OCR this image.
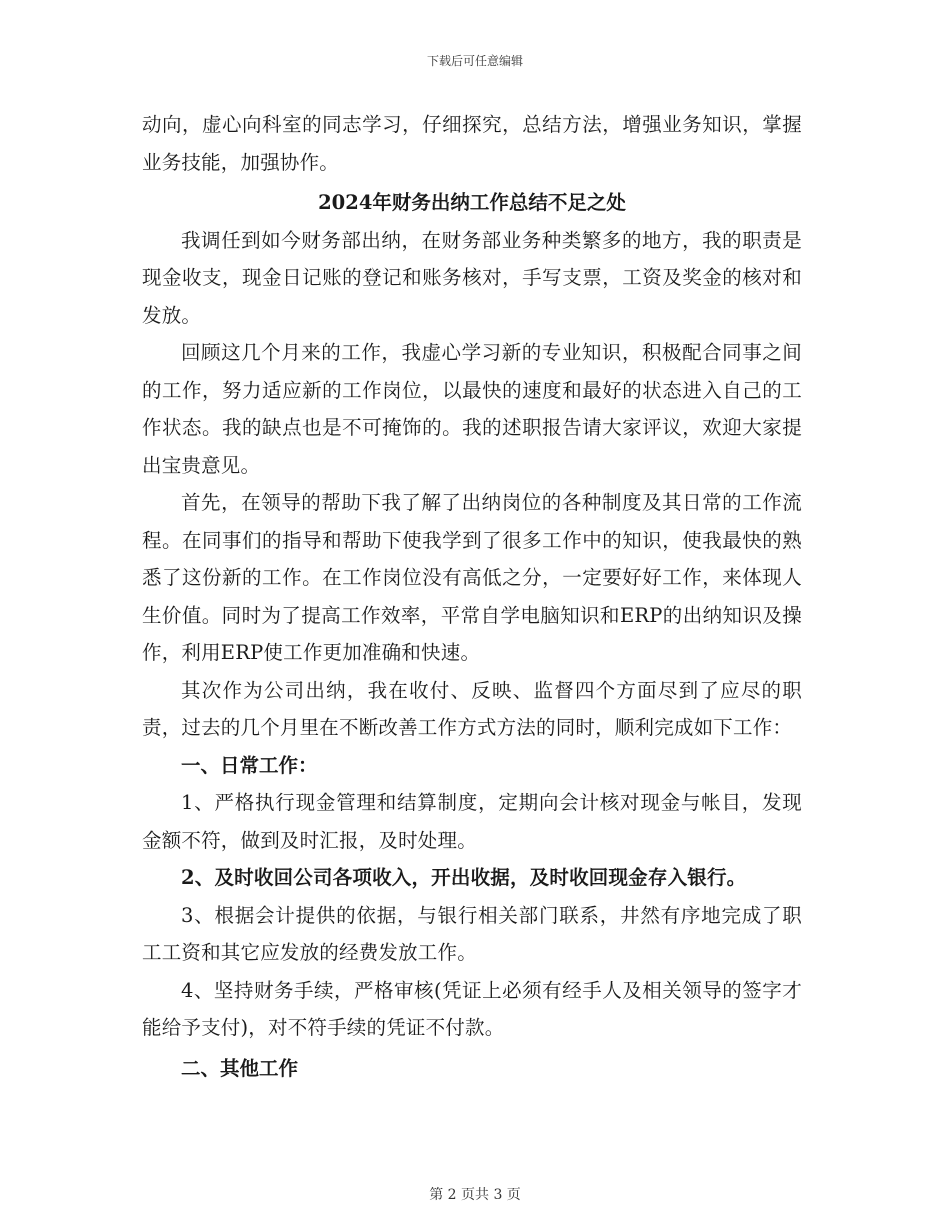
下载后可任意编辑

动向，虚心向科室的同志学习，仔细探究，总结方法，增强业务知识，掌握业务技能，加强协作。

2024年财务出纳工作总结不足之处

我调任到如今财务部出纳，在财务部业务种类繁多的地方，我的职责是现金收支，现金日记账的登记和账务核对，手写支票，工资及奖金的核对和发放。

回顾这几个月来的工作，我虚心学习新的专业知识，积极配合同事之间的工作，努力适应新的工作岗位，以最快的速度和最好的状态进入自己的工作状态。我的缺点也是不可掩饰的。我的述职报告请大家评议，欢迎大家提出宝贵意见。

首先，在领导的帮助下我了解了出纳岗位的各种制度及其日常的工作流程。在同事们的指导和帮助下使我学到了很多工作中的知识，使我最快的熟悉了这份新的工作。在工作岗位没有高低之分，一定要好好工作，来体现人生价值。同时为了提高工作效率，平常自学电脑知识和ERP的出纳知识及操作，利用ERP使工作更加准确和快速。

其次作为公司出纳，我在收付、反映、监督四个方面尽到了应尽的职责，过去的几个月里在不断改善工作方式方法的同时，顺利完成如下工作：

一、日常工作：

1、严格执行现金管理和结算制度，定期向会计核对现金与帐目，发现金额不符，做到及时汇报，及时处理。

2、及时收回公司各项收入，开出收据，及时收回现金存入银行。

3、根据会计提供的依据，与银行相关部门联系，井然有序地完成了职工工资和其它应发放的经费发放工作。

4、坚持财务手续，严格审核(凭证上必须有经手人及相关领导的签字才能给予支付)，对不符手续的凭证不付款。

二、其他工作

第 2 页共 3 页
